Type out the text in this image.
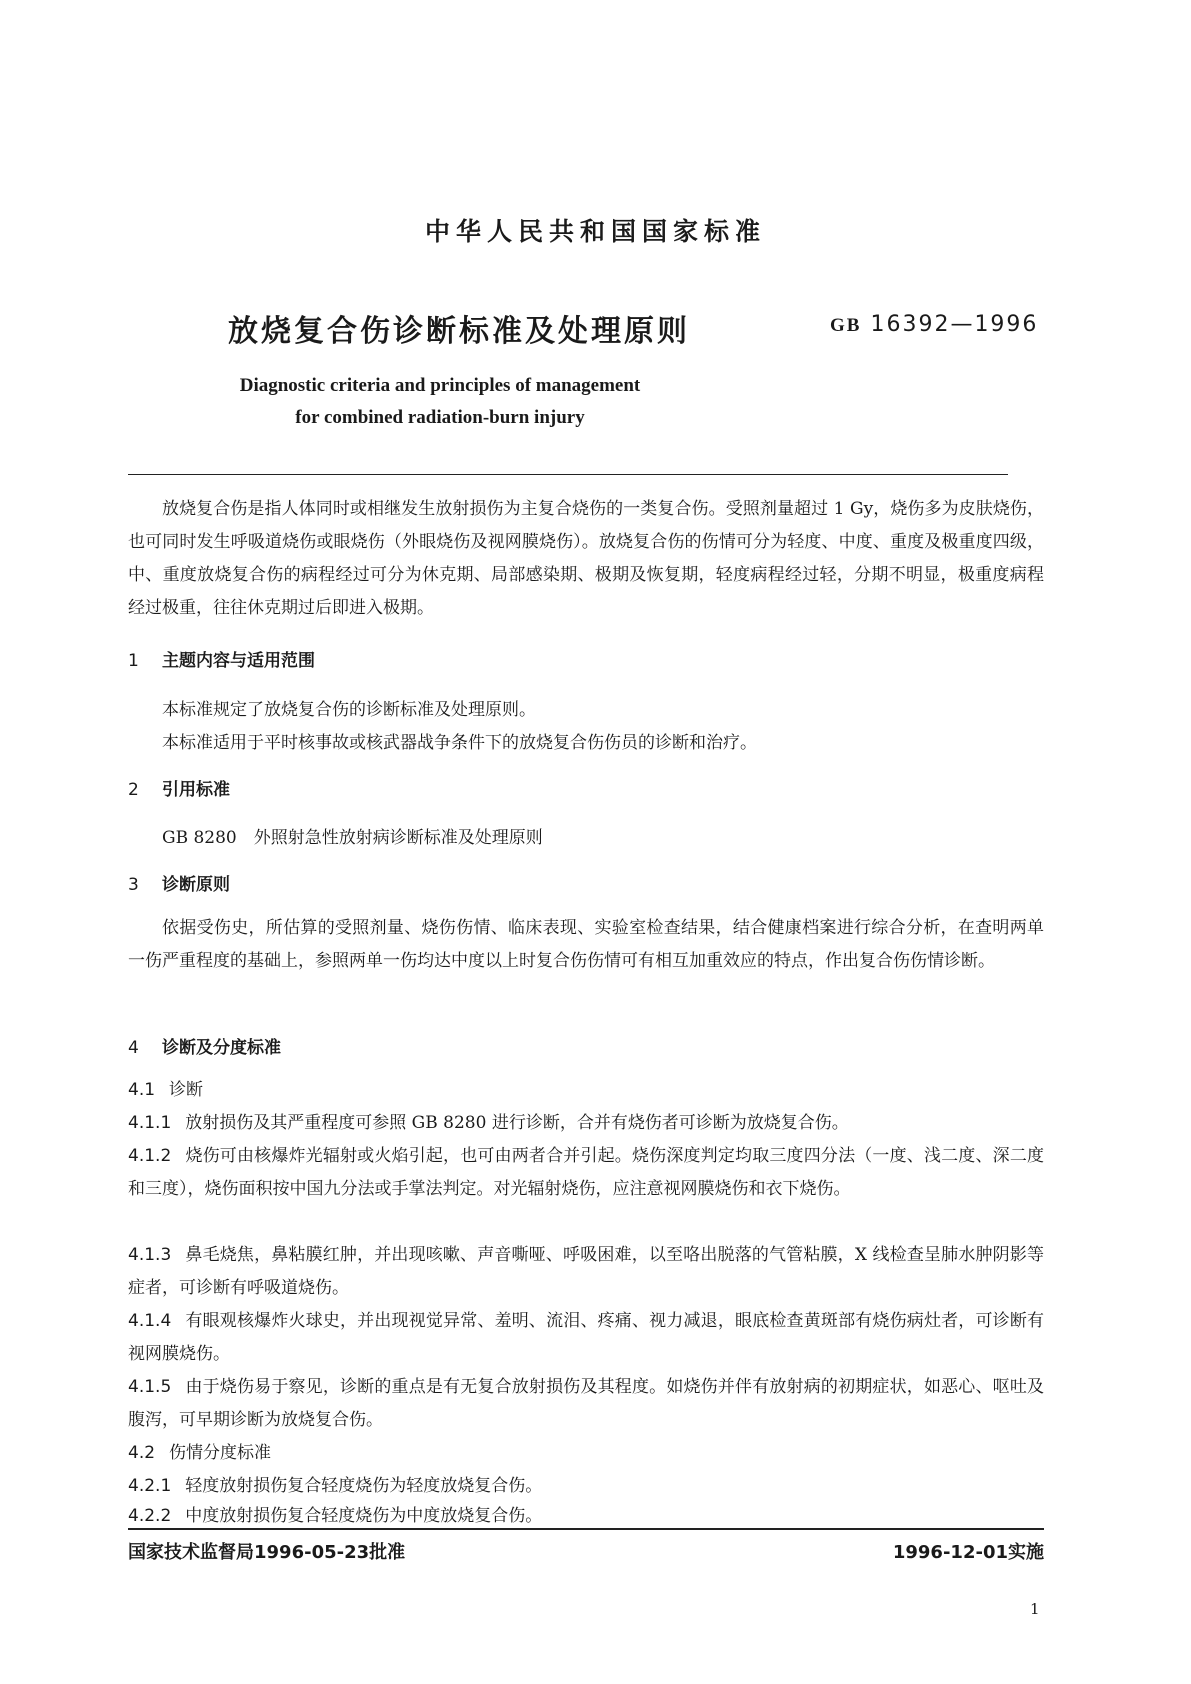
中华人民共和国国家标准
放烧复合伤诊断标准及处理原则	GB 16392—1996
Diagnostic criteria and principles of management
for combined radiation-burn injury
放烧复合伤是指人体同时或相继发生放射损伤为主复合烧伤的一类复合伤。受照剂量超过 1 Gy，烧伤多为皮肤烧伤，也可同时发生呼吸道烧伤或眼烧伤（外眼烧伤及视网膜烧伤）。放烧复合伤的伤情可分为轻度、中度、重度及极重度四级，中、重度放烧复合伤的病程经过可分为休克期、局部感染期、极期及恢复期，轻度病程经过轻，分期不明显，极重度病程经过极重，往往休克期过后即进入极期。
1 主题内容与适用范围
本标准规定了放烧复合伤的诊断标准及处理原则。
本标准适用于平时核事故或核武器战争条件下的放烧复合伤伤员的诊断和治疗。
2 引用标准
GB 8280　外照射急性放射病诊断标准及处理原则
3 诊断原则
依据受伤史，所估算的受照剂量、烧伤伤情、临床表现、实验室检查结果，结合健康档案进行综合分析，在查明两单一伤严重程度的基础上，参照两单一伤均达中度以上时复合伤伤情可有相互加重效应的特点，作出复合伤伤情诊断。
4 诊断及分度标准
4.1 诊断
4.1.1 放射损伤及其严重程度可参照 GB 8280 进行诊断，合并有烧伤者可诊断为放烧复合伤。
4.1.2 烧伤可由核爆炸光辐射或火焰引起，也可由两者合并引起。烧伤深度判定均取三度四分法（一度、浅二度、深二度和三度），烧伤面积按中国九分法或手掌法判定。对光辐射烧伤，应注意视网膜烧伤和衣下烧伤。
4.1.3 鼻毛烧焦，鼻粘膜红肿，并出现咳嗽、声音嘶哑、呼吸困难，以至咯出脱落的气管粘膜，X 线检查呈肺水肿阴影等症者，可诊断有呼吸道烧伤。
4.1.4 有眼观核爆炸火球史，并出现视觉异常、羞明、流泪、疼痛、视力减退，眼底检查黄斑部有烧伤病灶者，可诊断有视网膜烧伤。
4.1.5 由于烧伤易于察见，诊断的重点是有无复合放射损伤及其程度。如烧伤并伴有放射病的初期症状，如恶心、呕吐及腹泻，可早期诊断为放烧复合伤。
4.2 伤情分度标准
4.2.1 轻度放射损伤复合轻度烧伤为轻度放烧复合伤。
4.2.2 中度放射损伤复合轻度烧伤为中度放烧复合伤。
国家技术监督局1996-05-23批准	1996-12-01实施
1
